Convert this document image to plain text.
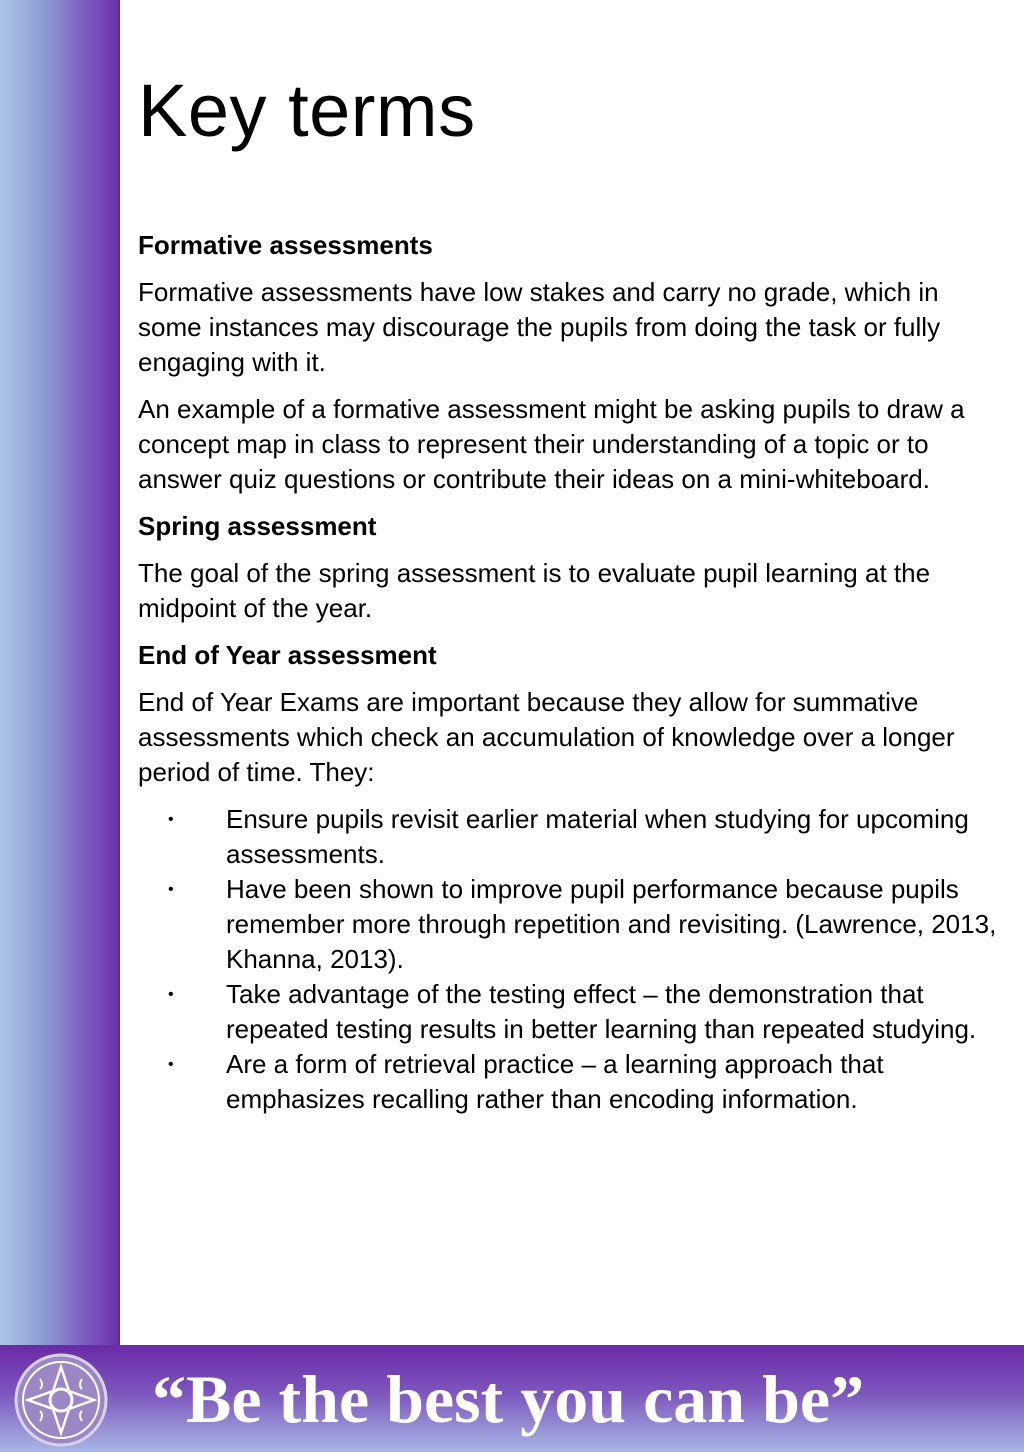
Key terms
Formative assessments
Formative assessments have low stakes and carry no grade, which in some instances may discourage the pupils from doing the task or fully engaging with it.
An example of a formative assessment might be asking pupils to draw a concept map in class to represent their understanding of a topic or to answer quiz questions or contribute their ideas on a mini-whiteboard.
Spring assessment
The goal of the spring assessment is to evaluate pupil learning at the midpoint of the year.
End of Year assessment
End of Year Exams are important because they allow for summative assessments which check an accumulation of knowledge over a longer period of time. They:
• Ensure pupils revisit earlier material when studying for upcoming assessments.
• Have been shown to improve pupil performance because pupils remember more through repetition and revisiting. (Lawrence, 2013, Khanna, 2013).
• Take advantage of the testing effect – the demonstration that repeated testing results in better learning than repeated studying.
• Are a form of retrieval practice – a learning approach that emphasizes recalling rather than encoding information.
“Be the best you can be”
